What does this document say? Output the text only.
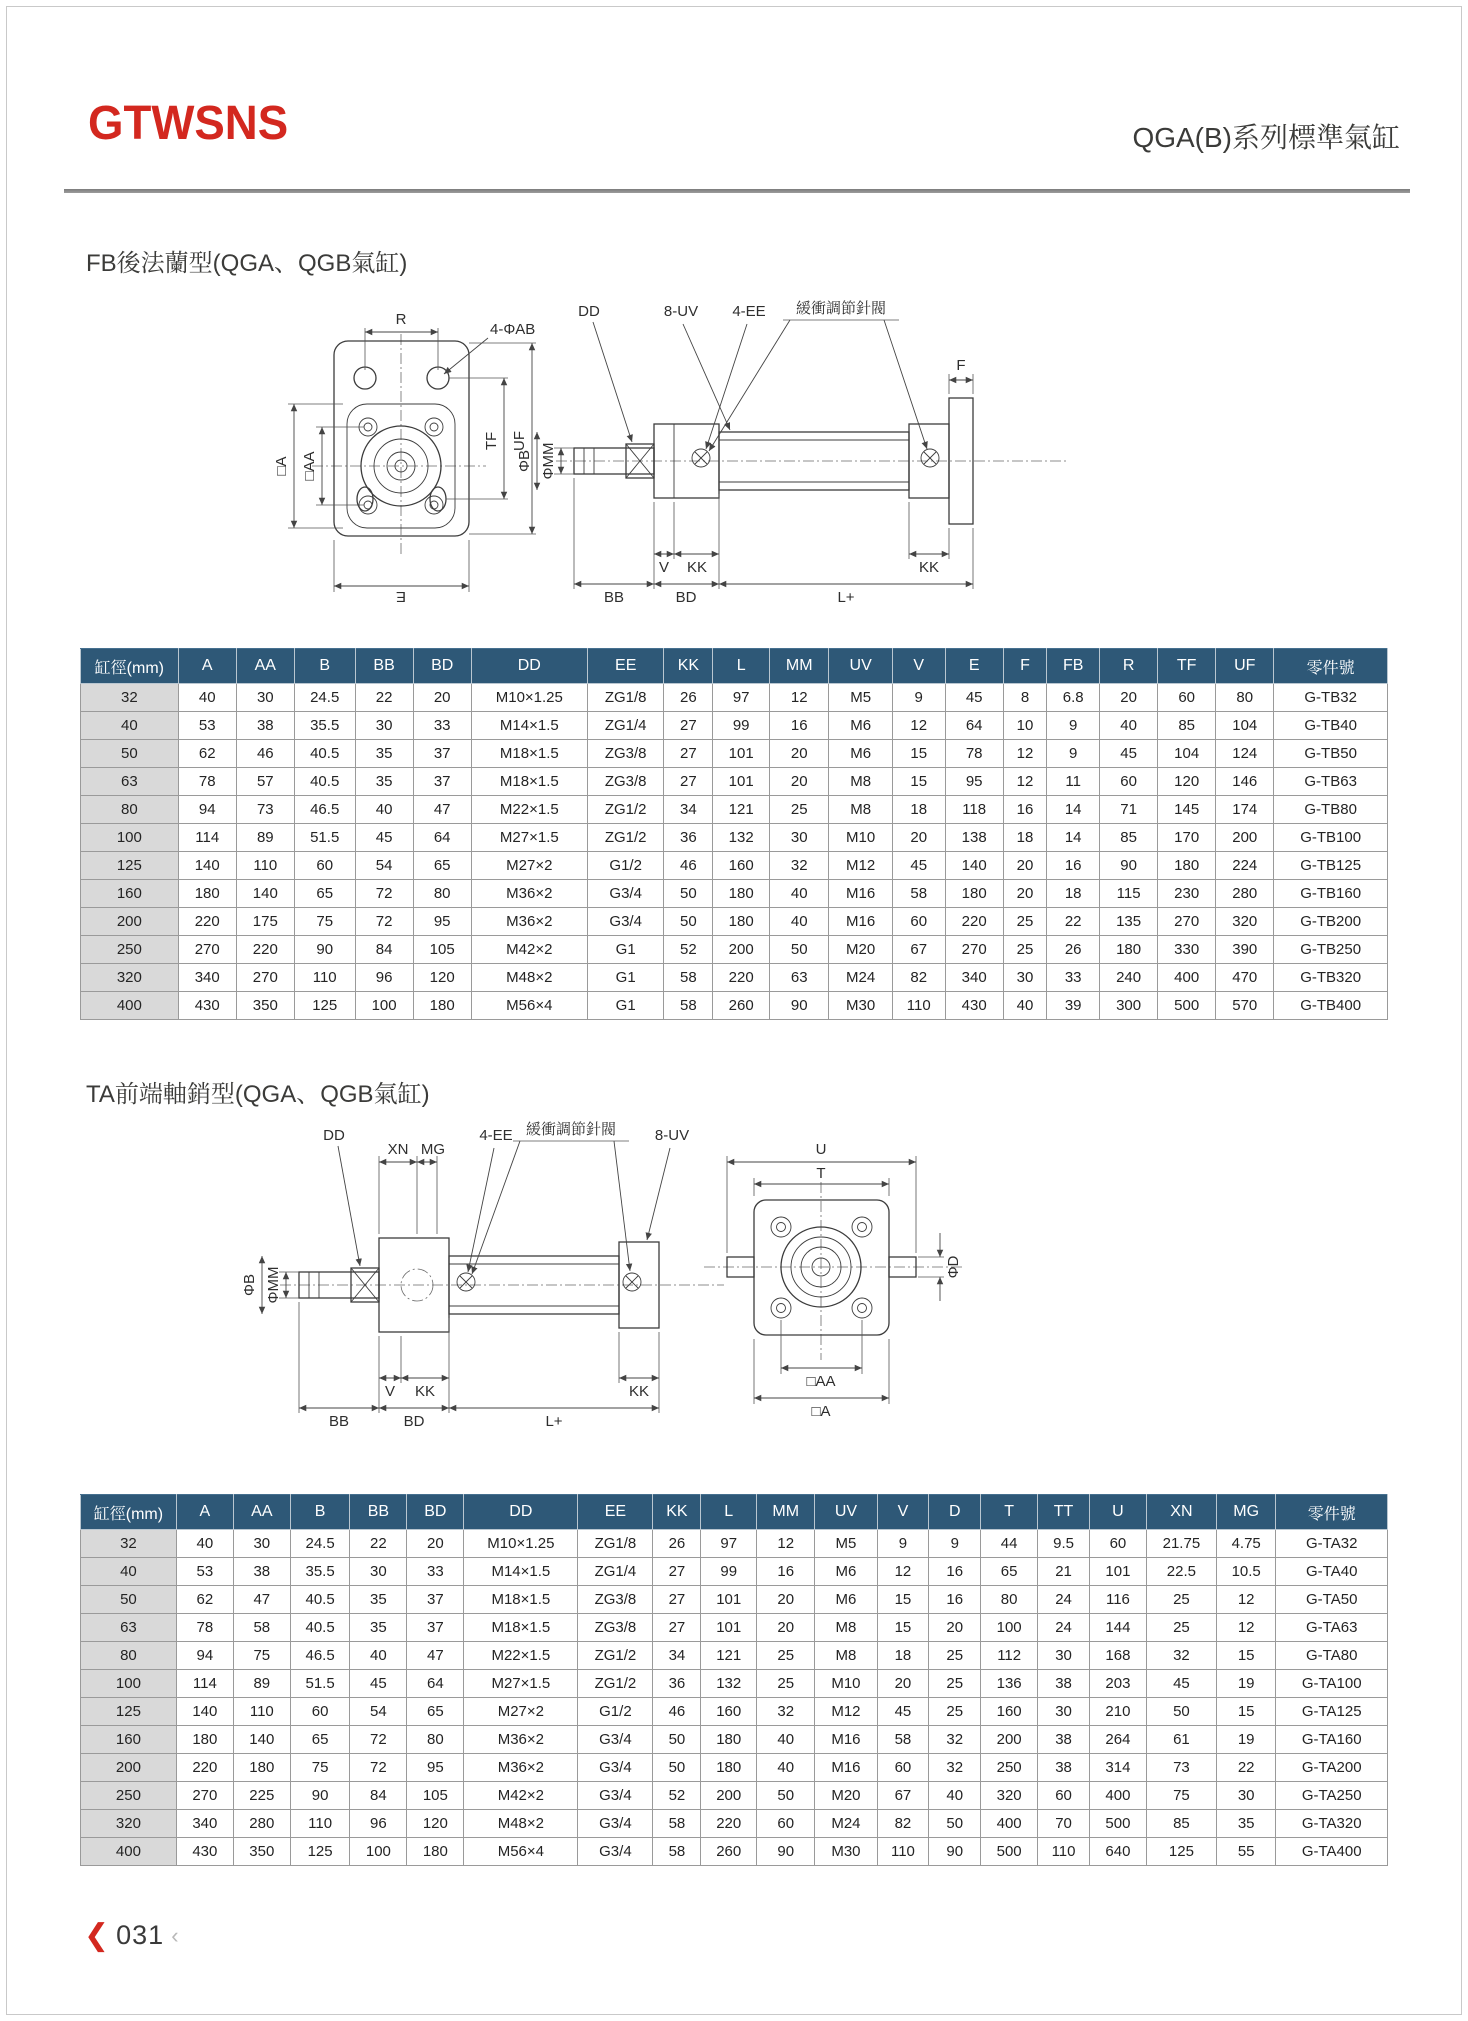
GTWSNS	QGA(B)系列標準氣缸
FB後法蘭型(QGA、QGB氣缸)
R
4-ΦAB
□A □AA
TF UF
E
DD	8-UV 4-EE 緩衝調節針閥
F
ΦB ΦMM
V KK	KK
BB	BD	L+
缸徑(mm)	A	AA	B	BB	BD	DD	EE	KK	L	MM	UV	V	E	F	FB	R	TF	UF	零件號
32	40	30	24.5	22	20	M10×1.25	ZG1/8	26	97	12	M5	9	45	8	6.8	20	60	80	G-TB32
40	53	38	35.5	30	33	M14×1.5	ZG1/4	27	99	16	M6	12	64	10	9	40	85	104	G-TB40
50	62	46	40.5	35	37	M18×1.5	ZG3/8	27	101	20	M6	15	78	12	9	45	104	124	G-TB50
63	78	57	40.5	35	37	M18×1.5	ZG3/8	27	101	20	M8	15	95	12	11	60	120	146	G-TB63
80	94	73	46.5	40	47	M22×1.5	ZG1/2	34	121	25	M8	18	118	16	14	71	145	174	G-TB80
100	114	89	51.5	45	64	M27×1.5	ZG1/2	36	132	30	M10	20	138	18	14	85	170	200	G-TB100
125	140	110	60	54	65	M27×2	G1/2	46	160	32	M12	45	140	20	16	90	180	224	G-TB125
160	180	140	65	72	80	M36×2	G3/4	50	180	40	M16	58	180	20	18	115	230	280	G-TB160
200	220	175	75	72	95	M36×2	G3/4	50	180	40	M16	60	220	25	22	135	270	320	G-TB200
250	270	220	90	84	105	M42×2	G1	52	200	50	M20	67	270	25	26	180	330	390	G-TB250
320	340	270	110	96	120	M48×2	G1	58	220	63	M24	82	340	30	33	240	400	470	G-TB320
400	430	350	125	100	180	M56×4	G1	58	260	90	M30	110	430	40	39	300	500	570	G-TB400
TA前端軸銷型(QGA、QGB氣缸)
XN MG
DD	4-EE 緩衝調節針閥	8-UV
ΦB ΦMM
V KK	KK
BB	BD	L+
U
T
ΦD
□AA
□A
缸徑(mm)	A	AA	B	BB	BD	DD	EE	KK	L	MM	UV	V	D	T	TT	U	XN	MG	零件號
32	40	30	24.5	22	20	M10×1.25	ZG1/8	26	97	12	M5	9	9	44	9.5	60	21.75	4.75	G-TA32
40	53	38	35.5	30	33	M14×1.5	ZG1/4	27	99	16	M6	12	16	65	21	101	22.5	10.5	G-TA40
50	62	47	40.5	35	37	M18×1.5	ZG3/8	27	101	20	M6	15	16	80	24	116	25	12	G-TA50
63	78	58	40.5	35	37	M18×1.5	ZG3/8	27	101	20	M8	15	20	100	24	144	25	12	G-TA63
80	94	75	46.5	40	47	M22×1.5	ZG1/2	34	121	25	M8	18	25	112	30	168	32	15	G-TA80
100	114	89	51.5	45	64	M27×1.5	ZG1/2	36	132	25	M10	20	25	136	38	203	45	19	G-TA100
125	140	110	60	54	65	M27×2	G1/2	46	160	32	M12	45	25	160	30	210	50	15	G-TA125
160	180	140	65	72	80	M36×2	G3/4	50	180	40	M16	58	32	200	38	264	61	19	G-TA160
200	220	180	75	72	95	M36×2	G3/4	50	180	40	M16	60	32	250	38	314	73	22	G-TA200
250	270	225	90	84	105	M42×2	G3/4	52	200	50	M20	67	40	320	60	400	75	30	G-TA250
320	340	280	110	96	120	M48×2	G3/4	58	220	60	M24	82	50	400	70	500	85	35	G-TA320
400	430	350	125	100	180	M56×4	G3/4	58	260	90	M30	110	90	500	110	640	125	55	G-TA400
❮ 031 ‹
